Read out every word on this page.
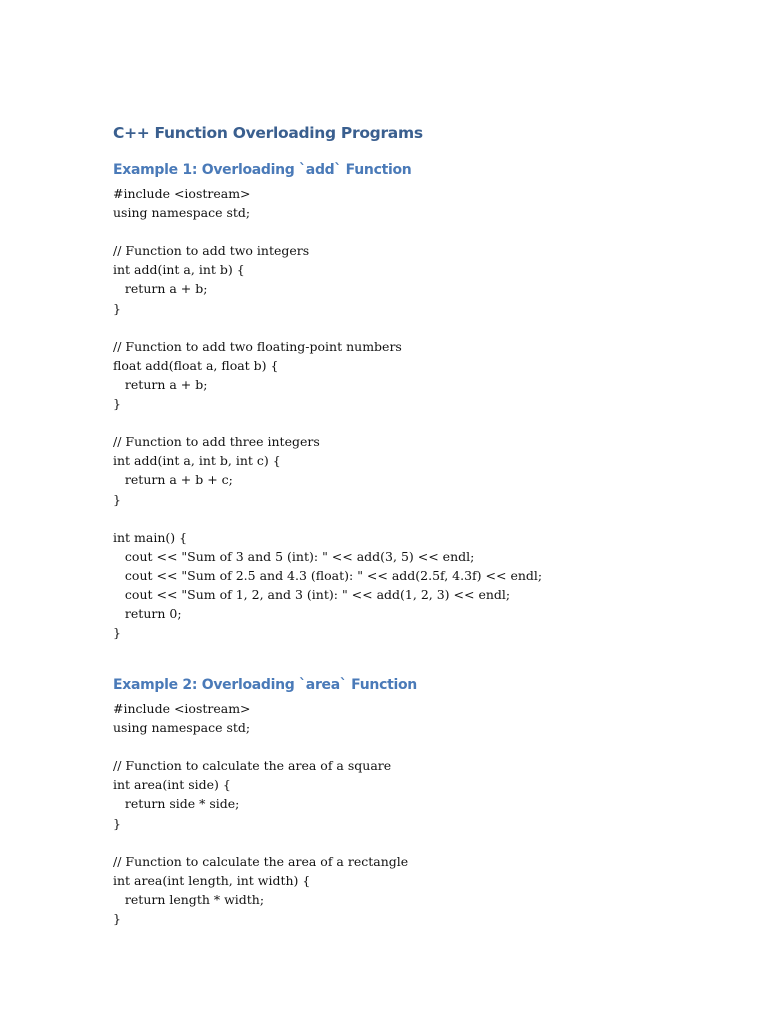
C++ Function Overloading Programs
Example 1: Overloading `add` Function
#include <iostream>
using namespace std;
// Function to add two integers
int add(int a, int b) {
return a + b;
}
// Function to add two floating-point numbers
float add(float a, float b) {
return a + b;
}
// Function to add three integers
int add(int a, int b, int c) {
return a + b + c;
}
int main() {
cout << "Sum of 3 and 5 (int): " << add(3, 5) << endl;
cout << "Sum of 2.5 and 4.3 (float): " << add(2.5f, 4.3f) << endl;
cout << "Sum of 1, 2, and 3 (int): " << add(1, 2, 3) << endl;
return 0;
}
Example 2: Overloading `area` Function
#include <iostream>
using namespace std;
// Function to calculate the area of a square
int area(int side) {
return side * side;
}
// Function to calculate the area of a rectangle
int area(int length, int width) {
return length * width;
}
